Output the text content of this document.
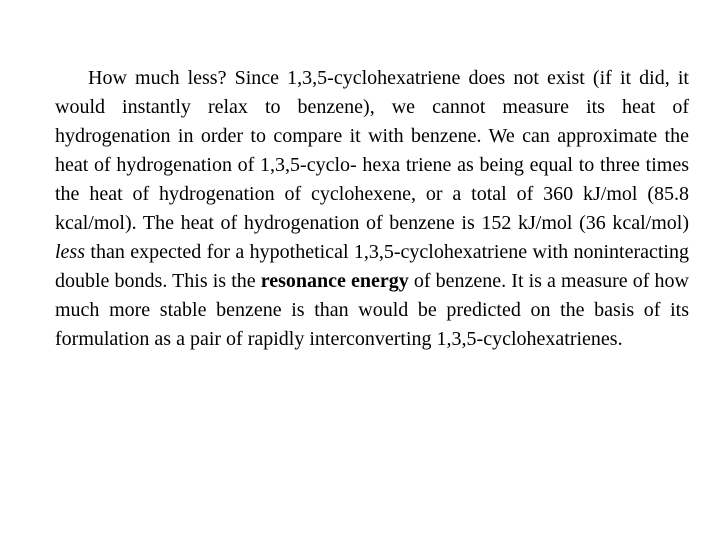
How much less? Since 1,3,5-cyclohexatriene does not exist (if it did, it would instantly relax to benzene), we cannot measure its heat of hydrogenation in order to compare it with benzene. We can approximate the heat of hydrogenation of 1,3,5-cyclo- hexa triene as being equal to three times the heat of hydrogenation of cyclohexene, or a total of 360 kJ/mol (85.8 kcal/mol). The heat of hydrogenation of benzene is 152 kJ/mol (36 kcal/mol) less than expected for a hypothetical 1,3,5-cyclohexatriene with noninteracting double bonds. This is the resonance energy of benzene. It is a measure of how much more stable benzene is than would be predicted on the basis of its formulation as a pair of rapidly interconverting 1,3,5-cyclohexatrienes.
